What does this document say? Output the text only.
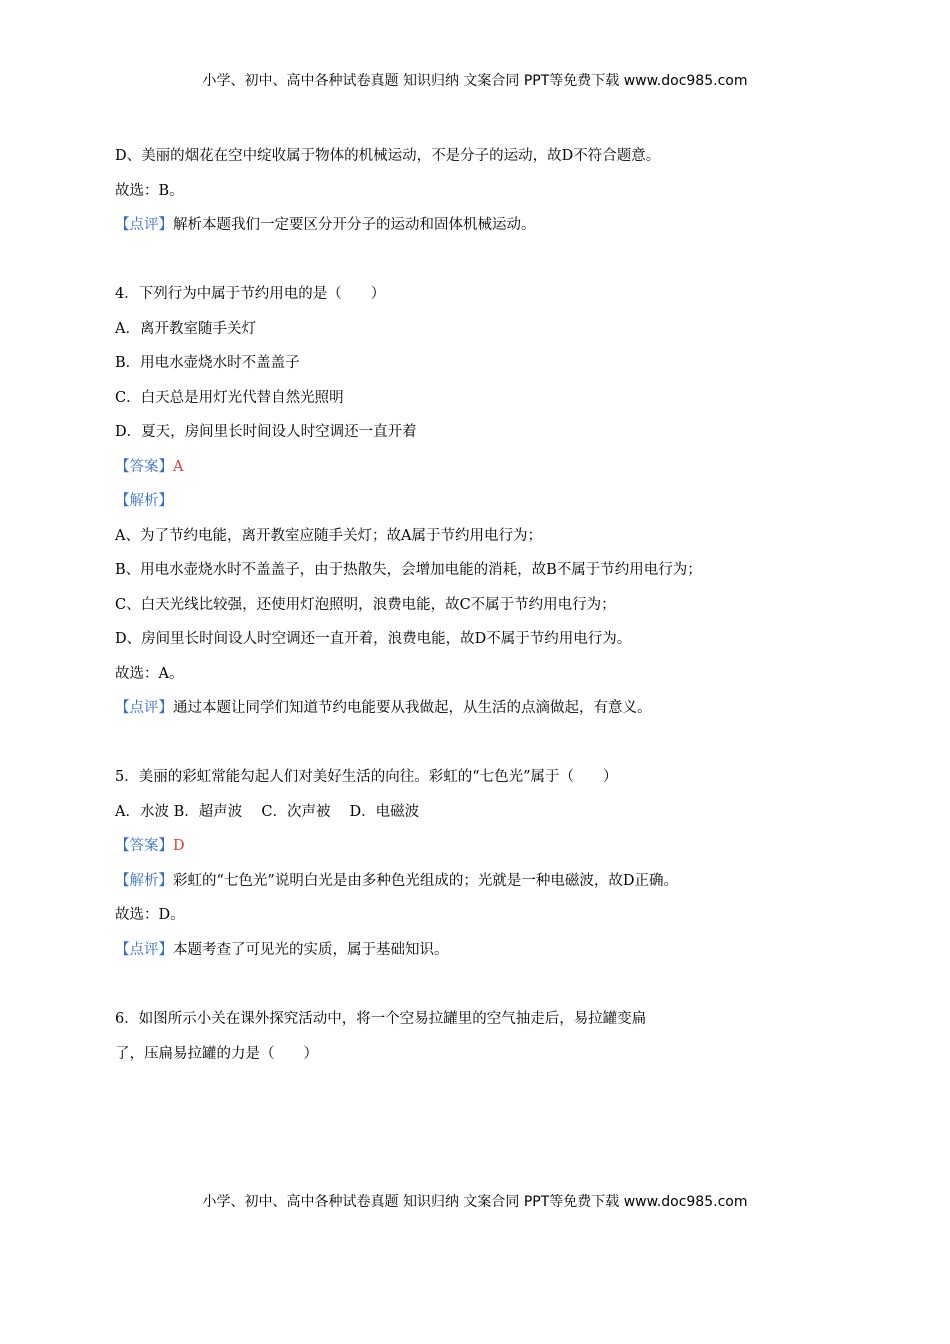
小学、初中、高中各种试卷真题 知识归纳 文案合同 PPT等免费下载 www.doc985.com
D、美丽的烟花在空中绽收属于物体的机械运动，不是分子的运动，故D不符合题意。
故选：B。
【点评】解析本题我们一定要区分开分子的运动和固体机械运动。
4．下列行为中属于节约用电的是（　　）
A．离开教室随手关灯
B．用电水壶烧水时不盖盖子
C．白天总是用灯光代替自然光照明
D．夏天，房间里长时间设人时空调还一直开着
【答案】A
【解析】
A、为了节约电能，离开教室应随手关灯；故A属于节约用电行为；
B、用电水壶烧水时不盖盖子，由于热散失，会增加电能的消耗，故B不属于节约用电行为；
C、白天光线比较强，还使用灯泡照明，浪费电能，故C不属于节约用电行为；
D、房间里长时间设人时空调还一直开着，浪费电能，故D不属于节约用电行为。
故选：A。
【点评】通过本题让同学们知道节约电能要从我做起，从生活的点滴做起，有意义。
5．美丽的彩虹常能勾起人们对美好生活的向往。彩虹的“七色光”属于（　　）
A．水波 B．超声波　 C．次声被　 D．电磁波
【答案】D
【解析】彩虹的“七色光”说明白光是由多种色光组成的；光就是一种电磁波，故D正确。
故选：D。
【点评】本题考查了可见光的实质，属于基础知识。
6．如图所示小关在课外探究活动中，将一个空易拉罐里的空气抽走后，易拉罐变扁
了，压扁易拉罐的力是（　　）
小学、初中、高中各种试卷真题 知识归纳 文案合同 PPT等免费下载 www.doc985.com
